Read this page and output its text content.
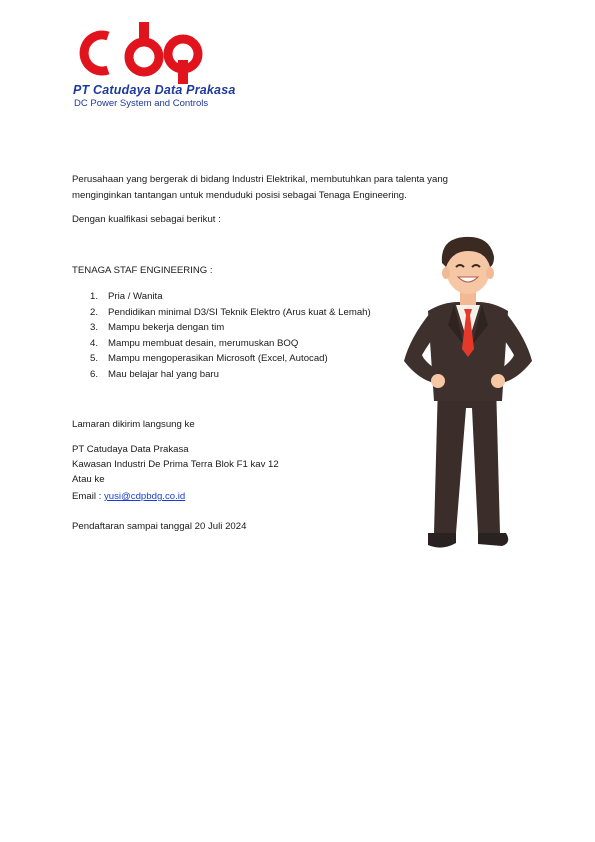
PT Catudaya Data Prakasa
DC Power System and Controls
Perusahaan yang bergerak di bidang Industri Elektrikal, membutuhkan para talenta yang
menginginkan tantangan untuk menduduki posisi sebagai Tenaga Engineering.
Dengan kualfikasi sebagai berikut :
TENAGA STAF ENGINEERING :
1. Pria / Wanita
2. Pendidikan minimal D3/SI Teknik Elektro (Arus kuat & Lemah)
3. Mampu bekerja dengan tim
4. Mampu membuat desain, merumuskan BOQ
5. Mampu mengoperasikan Microsoft (Excel, Autocad)
6. Mau belajar hal yang baru
Lamaran dikirim langsung ke
PT Catudaya Data Prakasa
Kawasan Industri De Prima Terra Blok F1 kav 12
Atau ke
Email : yusi@cdpbdg.co.id
Pendaftaran sampai tanggal 20 Juli 2024
